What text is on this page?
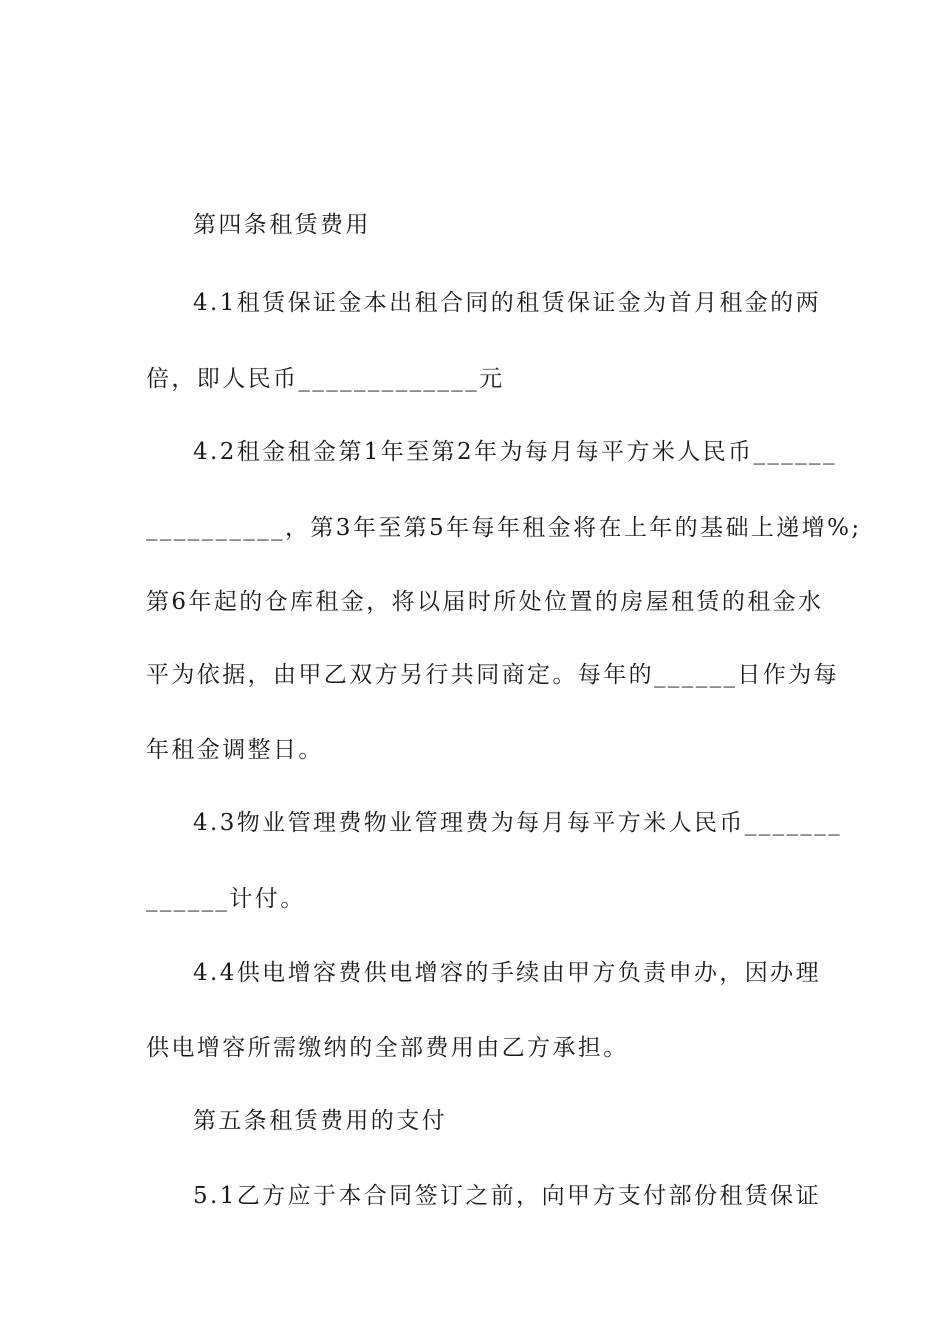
第四条租赁费用
4.1租赁保证金本出租合同的租赁保证金为首月租金的两
倍，即人民币_____________元
4.2租金租金第1年至第2年为每月每平方米人民币______
__________，第3年至第5年每年租金将在上年的基础上递增%;
第6年起的仓库租金，将以届时所处位置的房屋租赁的租金水
平为依据，由甲乙双方另行共同商定。每年的______日作为每
年租金调整日。
4.3物业管理费物业管理费为每月每平方米人民币_______
______计付。
4.4供电增容费供电增容的手续由甲方负责申办，因办理
供电增容所需缴纳的全部费用由乙方承担。
第五条租赁费用的支付
5.1乙方应于本合同签订之前，向甲方支付部份租赁保证
